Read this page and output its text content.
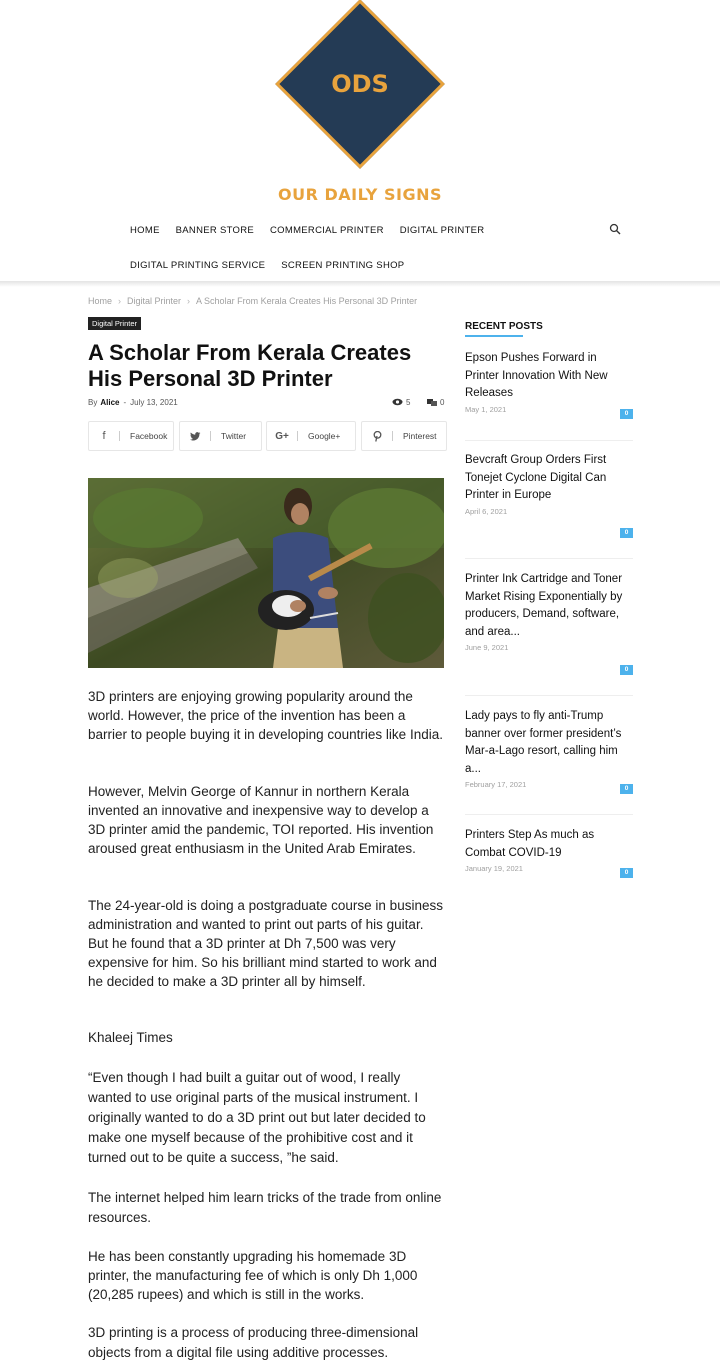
ODS
OUR DAILY SIGNS
HOME BANNER STORE COMMERCIAL PRINTER DIGITAL PRINTER
DIGITAL PRINTING SERVICE SCREEN PRINTING SHOP
Home › Digital Printer › A Scholar From Kerala Creates His Personal 3D Printer
Digital Printer
A Scholar From Kerala Creates His Personal 3D Printer
By Alice - July 13, 2021	5	0
f	Facebook	Twitter	G+	Google+	Pinterest

3D printers are enjoying growing popularity around the world. However, the price of the invention has been a barrier to people buying it in developing countries like India.

However, Melvin George of Kannur in northern Kerala invented an innovative and inexpensive way to develop a 3D printer amid the pandemic, TOI reported. His invention aroused great enthusiasm in the United Arab Emirates.

The 24-year-old is doing a postgraduate course in business administration and wanted to print out parts of his guitar. But he found that a 3D printer at Dh 7,500 was very expensive for him. So his brilliant mind started to work and he decided to make a 3D printer all by himself.

Khaleej Times

“Even though I had built a guitar out of wood, I really wanted to use original parts of the musical instrument. I originally wanted to do a 3D print out but later decided to make one myself because of the prohibitive cost and it turned out to be quite a success, ”he said.

The internet helped him learn tricks of the trade from online resources.

He has been constantly upgrading his homemade 3D printer, the manufacturing fee of which is only Dh 1,000 (20,285 rupees) and which is still in the works.

3D printing is a process of producing three-dimensional objects from a digital file using additive processes.

RECENT POSTS
Epson Pushes Forward in Printer Innovation With New Releases
May 1, 2021	0
Bevcraft Group Orders First Tonejet Cyclone Digital Can Printer in Europe
April 6, 2021
0
Printer Ink Cartridge and Toner Market Rising Exponentially by producers, Demand, software, and area...
June 9, 2021
0
Lady pays to fly anti-Trump banner over former president’s Mar-a-Lago resort, calling him a...
February 17, 2021	0
Printers Step As much as Combat COVID-19
January 19, 2021	0
